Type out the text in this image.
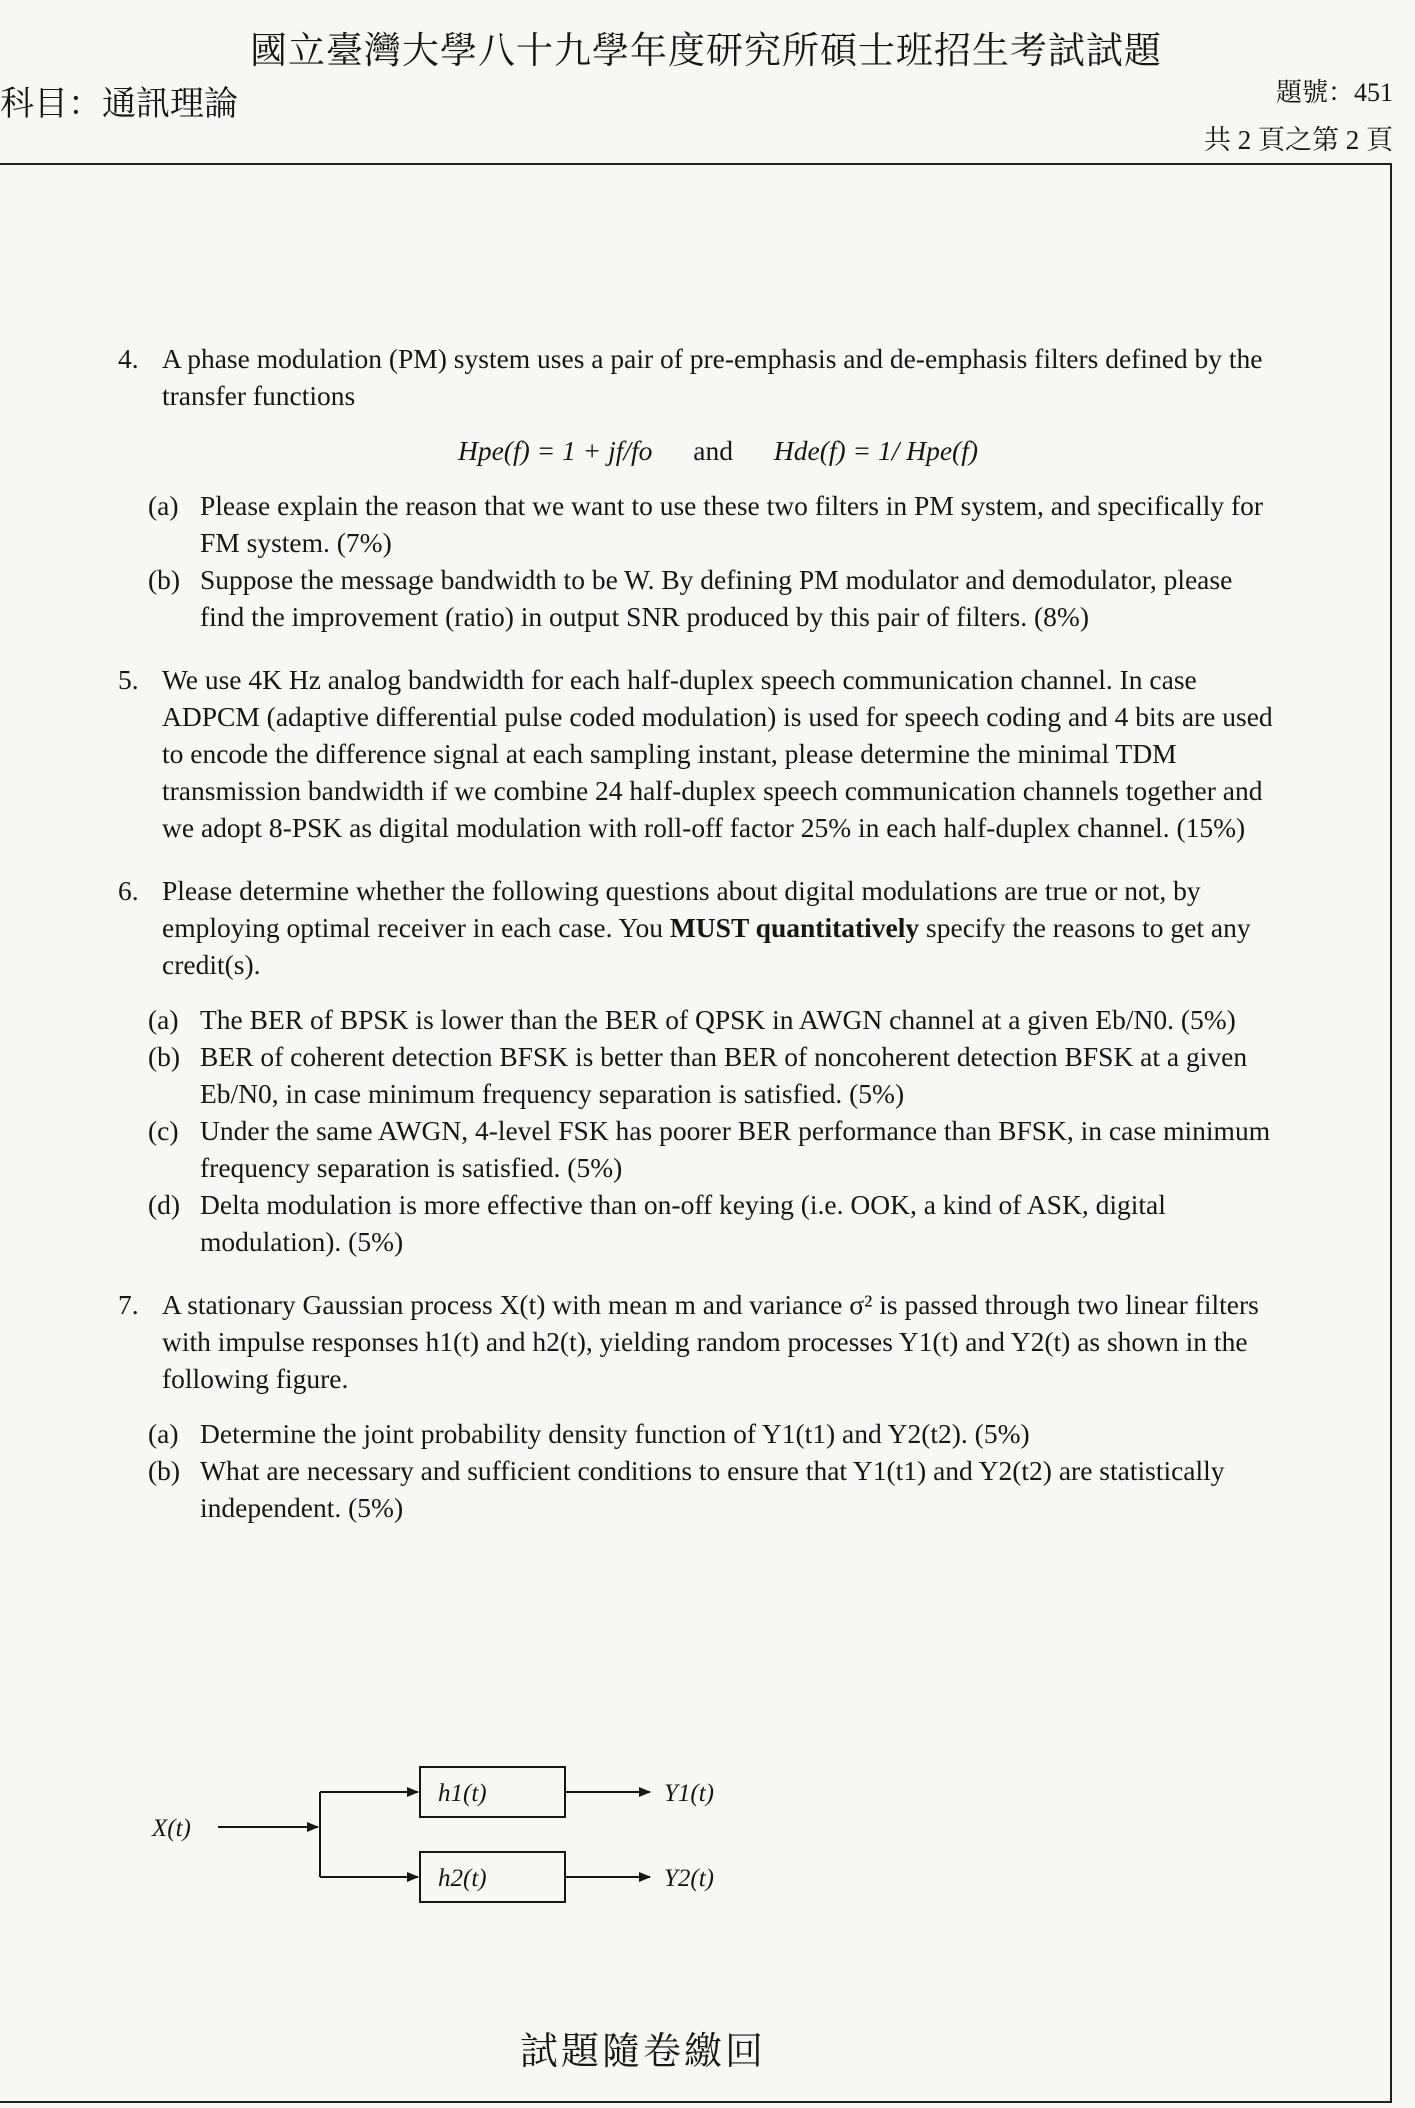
國立臺灣大學八十九學年度研究所碩士班招生考試試題
科目：通訊理論	題號：451
共 2 頁之第 2 頁
4. A phase modulation (PM) system uses a pair of pre-emphasis and de-emphasis filters defined by the transfer functions
Hpe(f) = 1 + jf/fo and Hde(f) = 1/ Hpe(f)
(a) Please explain the reason that we want to use these two filters in PM system, and specifically for FM system. (7%)
(b) Suppose the message bandwidth to be W. By defining PM modulator and demodulator, please find the improvement (ratio) in output SNR produced by this pair of filters. (8%)
5. We use 4K Hz analog bandwidth for each half-duplex speech communication channel. In case ADPCM (adaptive differential pulse coded modulation) is used for speech coding and 4 bits are used to encode the difference signal at each sampling instant, please determine the minimal TDM transmission bandwidth if we combine 24 half-duplex speech communication channels together and we adopt 8-PSK as digital modulation with roll-off factor 25% in each half-duplex channel. (15%)
6. Please determine whether the following questions about digital modulations are true or not, by employing optimal receiver in each case. You MUST quantitatively specify the reasons to get any credit(s).
(a) The BER of BPSK is lower than the BER of QPSK in AWGN channel at a given Eb/N0. (5%)
(b) BER of coherent detection BFSK is better than BER of noncoherent detection BFSK at a given Eb/N0, in case minimum frequency separation is satisfied. (5%)
(c) Under the same AWGN, 4-level FSK has poorer BER performance than BFSK, in case minimum frequency separation is satisfied. (5%)
(d) Delta modulation is more effective than on-off keying (i.e. OOK, a kind of ASK, digital modulation). (5%)
7. A stationary Gaussian process X(t) with mean m and variance σ² is passed through two linear filters with impulse responses h1(t) and h2(t), yielding random processes Y1(t) and Y2(t) as shown in the following figure.
(a) Determine the joint probability density function of Y1(t1) and Y2(t2). (5%)
(b) What are necessary and sufficient conditions to ensure that Y1(t1) and Y2(t2) are statistically independent. (5%)
X(t)
h1(t)
h2(t)
Y1(t)
Y2(t)
試題隨卷繳回
